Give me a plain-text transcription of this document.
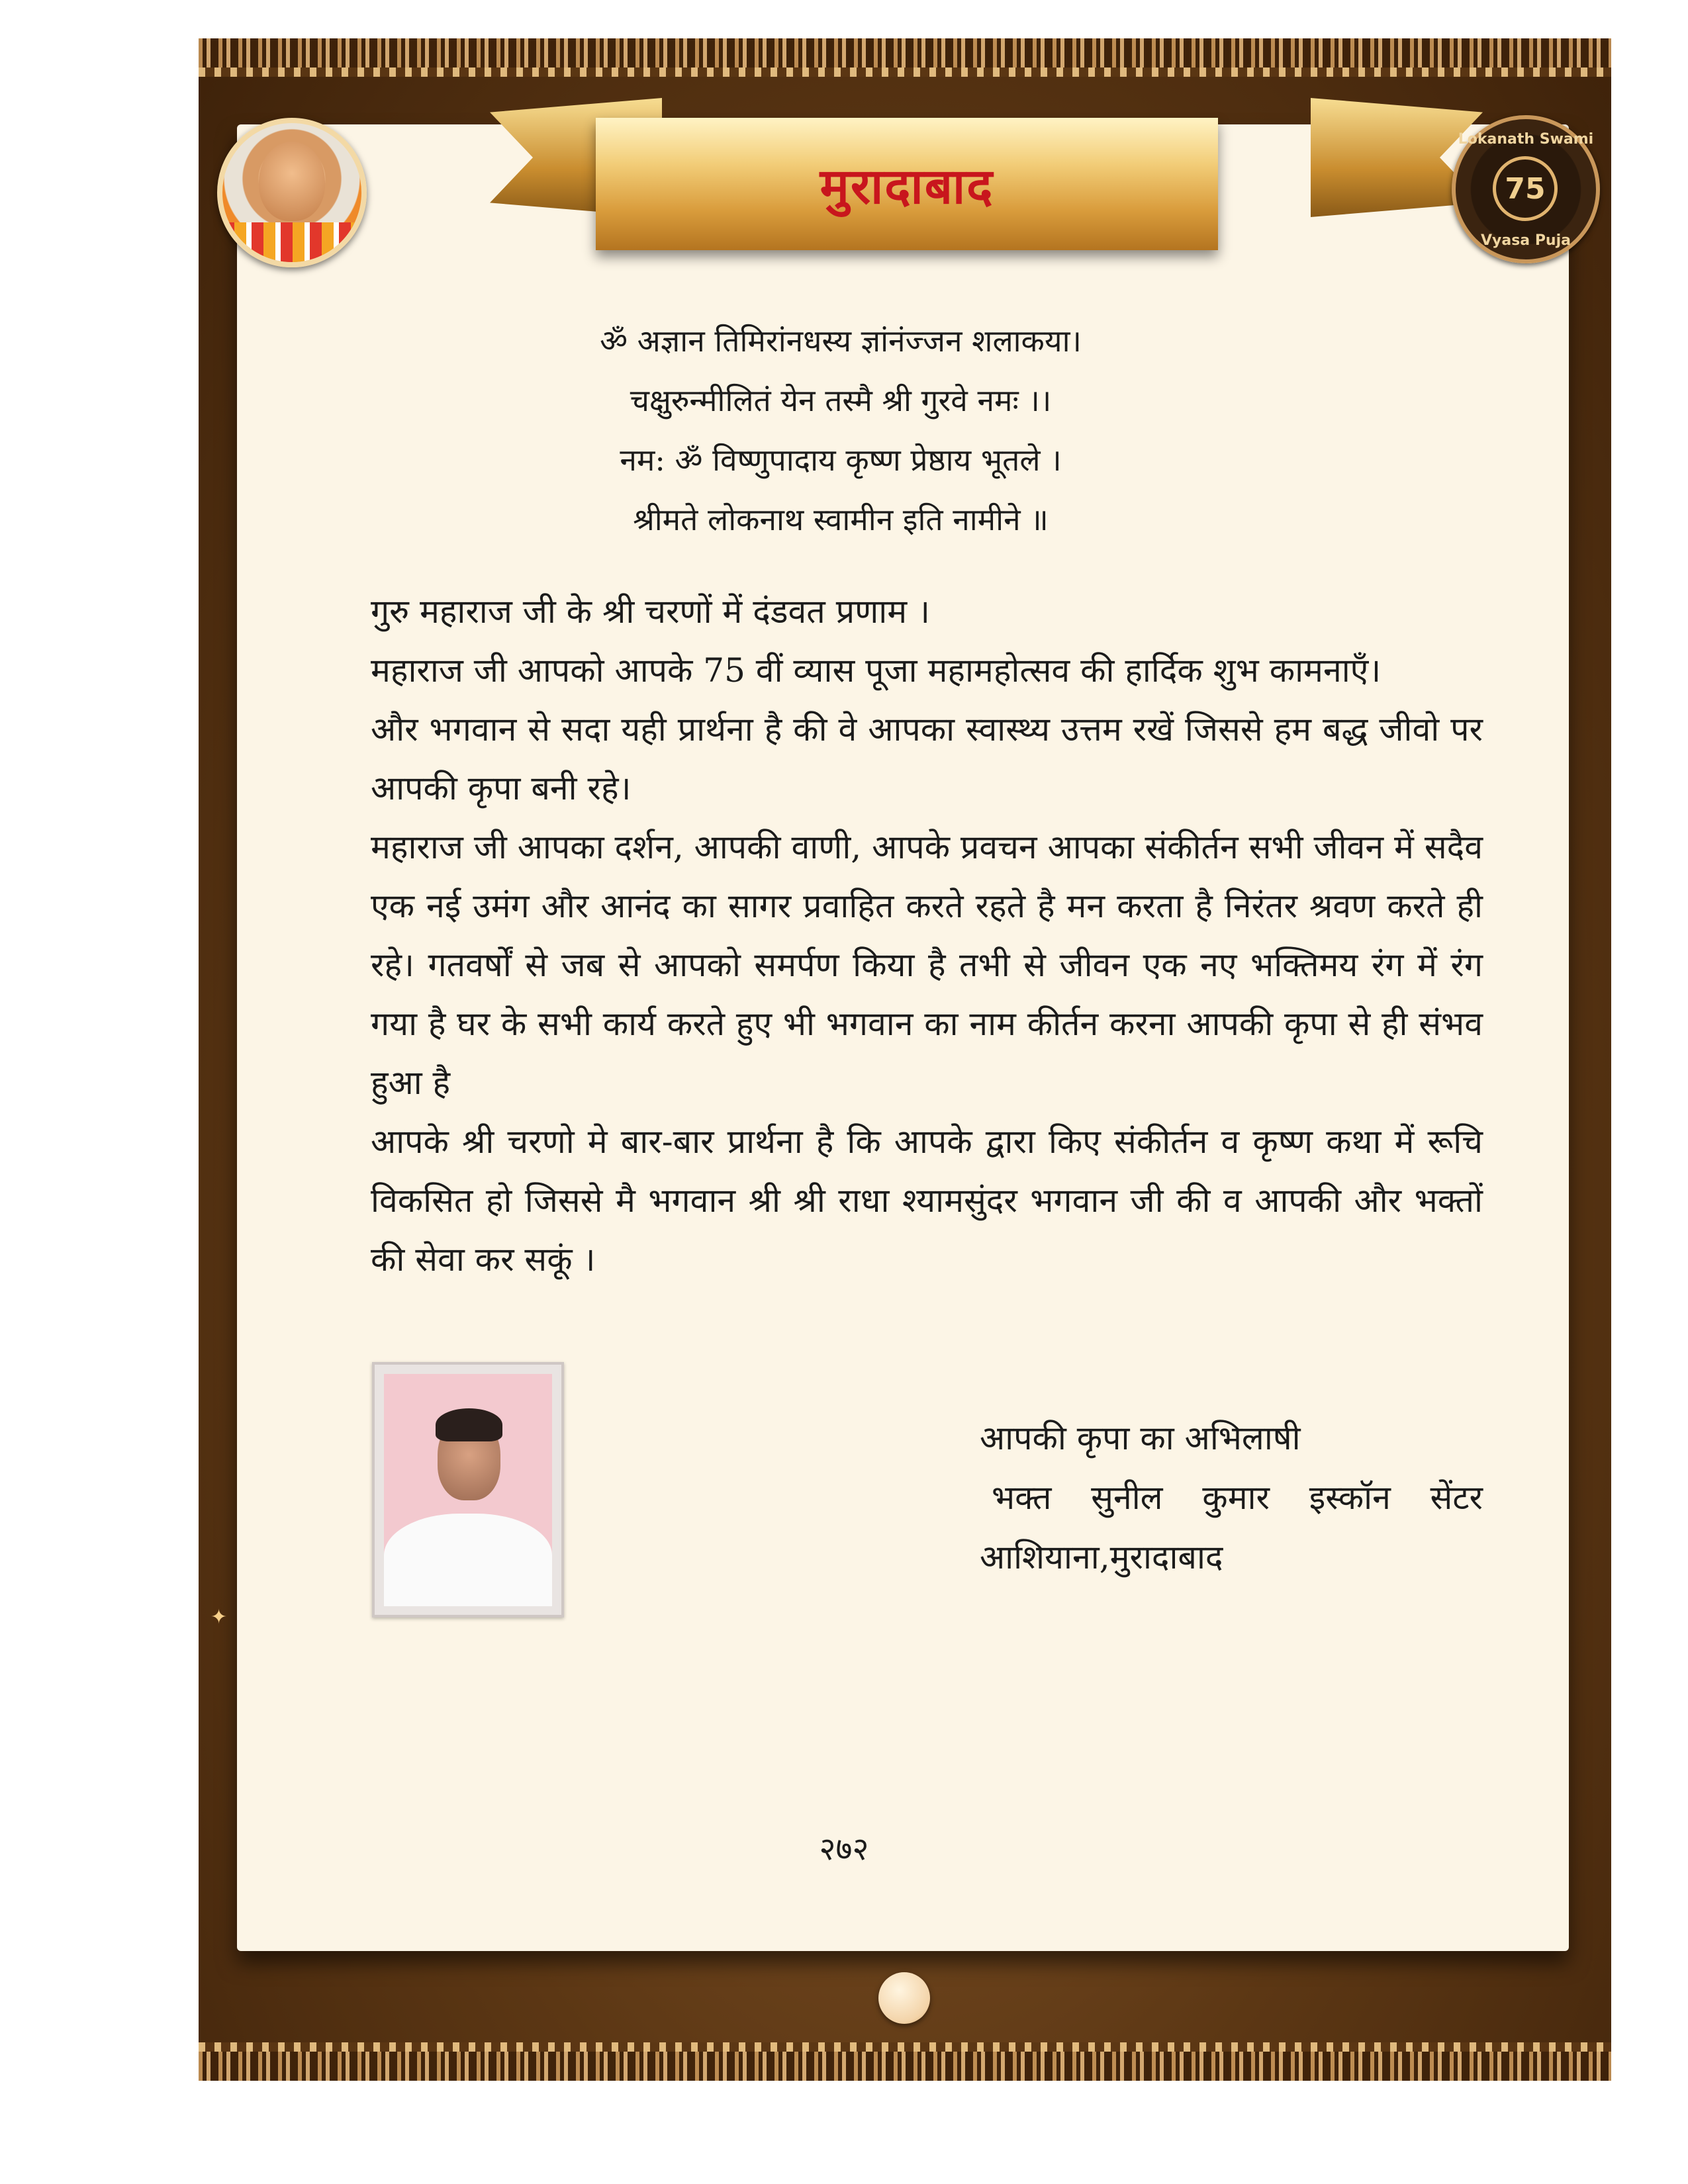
मुरादाबाद
Lokanath Swami
75
Vyasa Puja
✦
ॐ अज्ञान तिमिरांनधस्य ज्ञांनंज्जन शलाकया।
चक्षुरुन्मीलितं येन तस्मै श्री गुरवे नमः ।।
नम: ॐ विष्णुपादाय कृष्ण प्रेष्ठाय भूतले ।
श्रीमते लोकनाथ स्वामीन इति नामीने ॥

गुरु महाराज जी के श्री चरणों में दंडवत प्रणाम ।

महाराज जी आपको आपके 75 वीं व्यास पूजा महामहोत्सव की हार्दिक शुभ कामनाएँ।

और भगवान से सदा यही प्रार्थना है की वे आपका स्वास्थ्य उत्तम रखें जिससे हम बद्ध जीवो पर आपकी कृपा बनी रहे।

महाराज जी आपका दर्शन, आपकी वाणी, आपके प्रवचन आपका संकीर्तन सभी जीवन में सदैव एक नई उमंग और आनंद का सागर प्रवाहित करते रहते है मन करता है निरंतर श्रवण करते ही रहे। गतवर्षों से जब से आपको समर्पण किया है तभी से जीवन एक नए भक्तिमय रंग में रंग गया है घर के सभी कार्य करते हुए भी भगवान का नाम कीर्तन करना आपकी कृपा से ही संभव हुआ है

आपके श्री चरणो मे बार-बार प्रार्थना है कि आपके द्वारा किए संकीर्तन व कृष्ण कथा में रूचि विकसित हो जिससे मै भगवान श्री श्री राधा श्यामसुंदर भगवान जी की व आपकी और भक्तों की सेवा कर सकूं ।

आपकी कृपा का अभिलाषी
भक्त सुनील कुमार इस्कॉन सेंटर
आशियाना,मुरादाबाद
२७२
